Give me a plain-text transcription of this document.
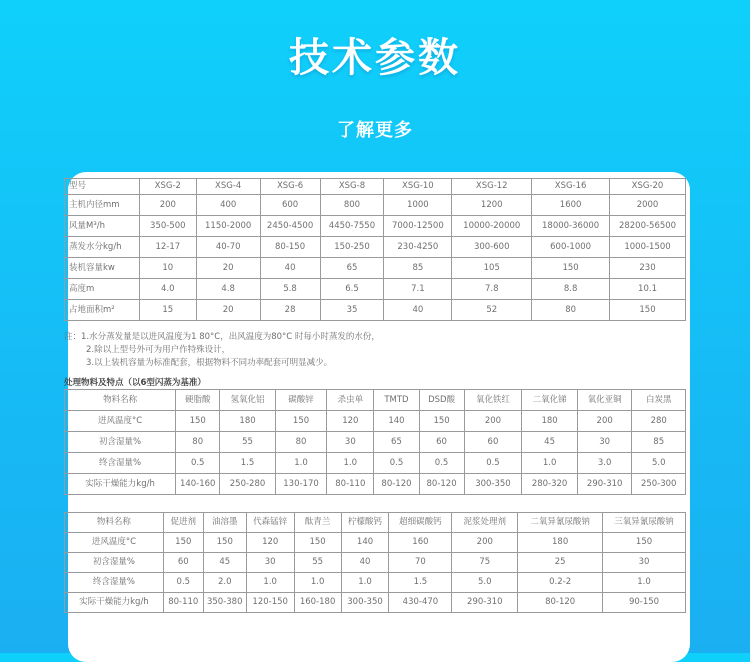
技术参数
了解更多
型号	XSG-2	XSG-4	XSG-6	XSG-8	XSG-10	XSG-12	XSG-16	XSG-20
主机内径mm	200	400	600	800	1000	1200	1600	2000
风量M³/h	350-500	1150-2000	2450-4500	4450-7550	7000-12500	10000-20000	18000-36000	28200-56500
蒸发水分kg/h	12-17	40-70	80-150	150-250	230-4250	300-600	600-1000	1000-1500
装机容量kw	10	20	40	65	85	105	150	230
高度m	4.0	4.8	5.8	6.5	7.1	7.8	8.8	10.1
占地面积m²	15	20	28	35	40	52	80	150
注：1.水分蒸发量是以进风温度为1 80°C，出风温度为80°C 时每小时蒸发的水份，
2.除以上型号外可为用户作特殊设计，
3.以上装机容量为标准配套，根据物料不同功率配套可明显减少。
处理物料及特点（以6型闪蒸为基准）
物料名称	硬脂酸	氢氧化铝	碳酸锌	杀虫单	TMTD	DSD酸	氧化铁红	二氧化锑	氧化亚铜	白炭黑
进风温度°C	150	180	150	120	140	150	200	180	200	280
初含湿量%	80	55	80	30	65	60	60	45	30	85
终含湿量%	0.5	1.5	1.0	1.0	0.5	0.5	0.5	1.0	3.0	5.0
实际干燥能力kg/h	140-160	250-280	130-170	80-110	80-120	80-120	300-350	280-320	290-310	250-300
物料名称	促进剂	油溶墨	代森锰锌	酞青兰	柠檬酸钙	超细碳酸钙	泥浆处理剂	二氧异氰尿酸钠	三氧异氰尿酸钠
进风温度°C	150	150	120	150	140	160	200	180	150
初含湿量%	60	45	30	55	40	70	75	25	30
终含湿量%	0.5	2.0	1.0	1.0	1.0	1.5	5.0	0.2-2	1.0
实际干燥能力kg/h	80-110	350-380	120-150	160-180	300-350	430-470	290-310	80-120	90-150
